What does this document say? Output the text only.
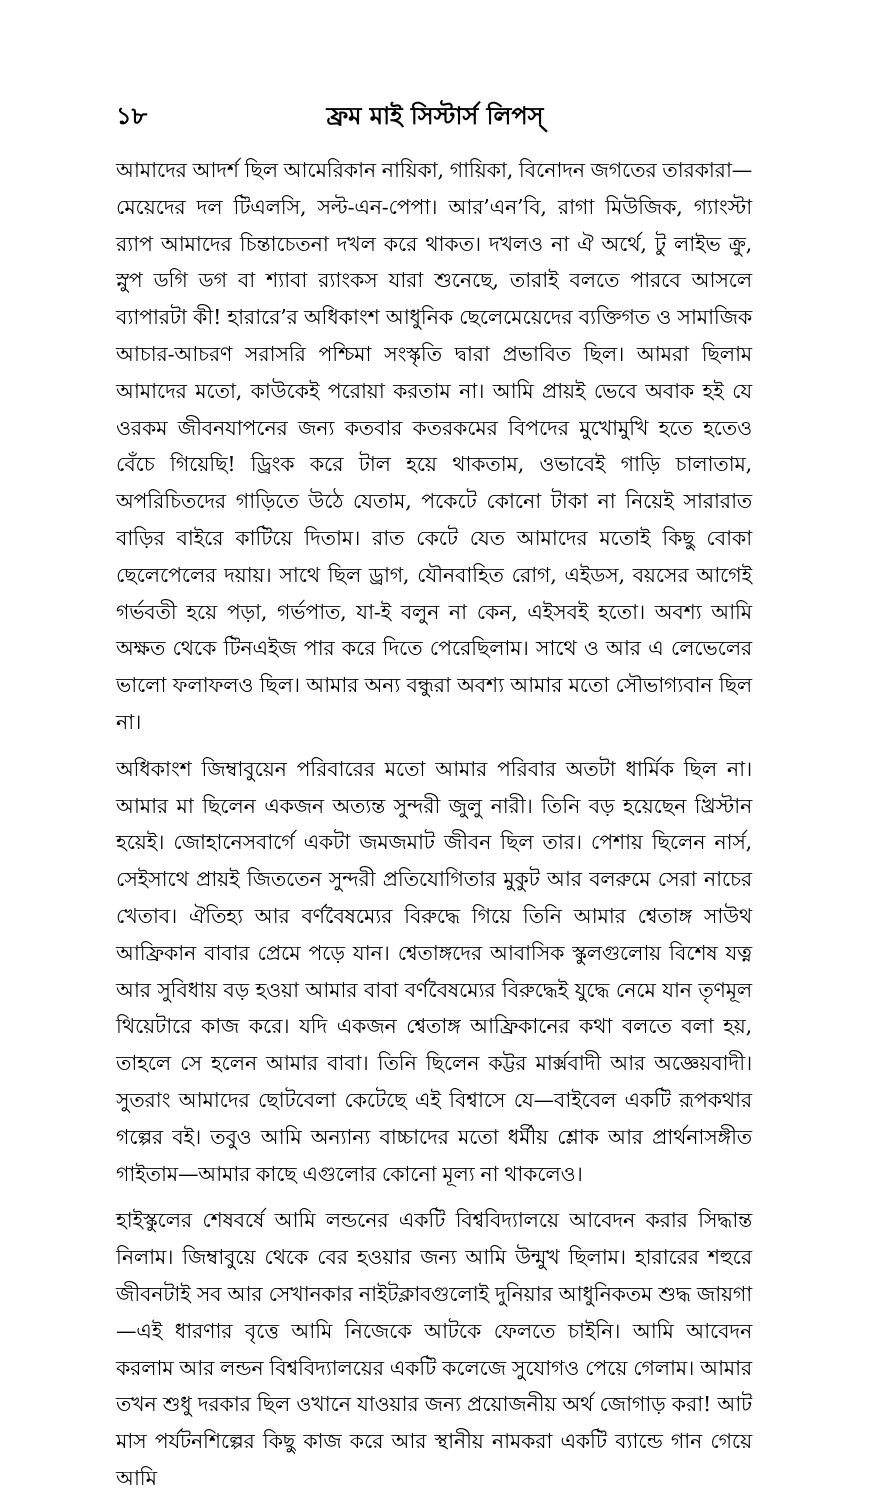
১৮	ফ্রম মাই সিস্টার্স লিপস্

আমাদের আদর্শ ছিল আমেরিকান নায়িকা, গায়িকা, বিনোদন জগতের তারকারা—মেয়েদের দল টিএলসি, সল্ট-এন-পেপা। আর’এন’বি, রাগা মিউজিক, গ্যাংস্টা র‍্যাপ আমাদের চিন্তাচেতনা দখল করে থাকত। দখলও না ঐ অর্থে, টু লাইভ ক্রু, স্নুপ ডগি ডগ বা শ্যাবা র‍্যাংকস যারা শুনেছে, তারাই বলতে পারবে আসলে ব্যাপারটা কী! হারারে’র অধিকাংশ আধুনিক ছেলেমেয়েদের ব্যক্তিগত ও সামাজিক আচার-আচরণ সরাসরি পশ্চিমা সংস্কৃতি দ্বারা প্রভাবিত ছিল। আমরা ছিলাম আমাদের মতো, কাউকেই পরোয়া করতাম না। আমি প্রায়ই ভেবে অবাক হই যে ওরকম জীবনযাপনের জন্য কতবার কতরকমের বিপদের মুখোমুখি হতে হতেও বেঁচে গিয়েছি! ড্রিংক করে টাল হয়ে থাকতাম, ওভাবেই গাড়ি চালাতাম, অপরিচিতদের গাড়িতে উঠে যেতাম, পকেটে কোনো টাকা না নিয়েই সারারাত বাড়ির বাইরে কাটিয়ে দিতাম। রাত কেটে যেত আমাদের মতোই কিছু বোকা ছেলেপেলের দয়ায়। সাথে ছিল ড্রাগ, যৌনবাহিত রোগ, এইডস, বয়সের আগেই গর্ভবতী হয়ে পড়া, গর্ভপাত, যা-ই বলুন না কেন, এইসবই হতো। অবশ্য আমি অক্ষত থেকে টিনএইজ পার করে দিতে পেরেছিলাম। সাথে ও আর এ লেভেলের ভালো ফলাফলও ছিল। আমার অন্য বন্ধুরা অবশ্য আমার মতো সৌভাগ্যবান ছিল না।

অধিকাংশ জিম্বাবুয়েন পরিবারের মতো আমার পরিবার অতটা ধার্মিক ছিল না। আমার মা ছিলেন একজন অত্যন্ত সুন্দরী জুলু নারী। তিনি বড় হয়েছেন খ্রিস্টান হয়েই। জোহানেসবার্গে একটা জমজমাট জীবন ছিল তার। পেশায় ছিলেন নার্স, সেইসাথে প্রায়ই জিততেন সুন্দরী প্রতিযোগিতার মুকুট আর বলরুমে সেরা নাচের খেতাব। ঐতিহ্য আর বর্ণবৈষম্যের বিরুদ্ধে গিয়ে তিনি আমার শ্বেতাঙ্গ সাউথ আফ্রিকান বাবার প্রেমে পড়ে যান। শ্বেতাঙ্গদের আবাসিক স্কুলগুলোয় বিশেষ যত্ন আর সুবিধায় বড় হওয়া আমার বাবা বর্ণবৈষম্যের বিরুদ্ধেই যুদ্ধে নেমে যান তৃণমূল থিয়েটারে কাজ করে। যদি একজন শ্বেতাঙ্গ আফ্রিকানের কথা বলতে বলা হয়, তাহলে সে হলেন আমার বাবা। তিনি ছিলেন কট্টর মার্ক্সবাদী আর অজ্ঞেয়বাদী। সুতরাং আমাদের ছোটবেলা কেটেছে এই বিশ্বাসে যে—বাইবেল একটি রূপকথার গল্পের বই। তবুও আমি অন্যান্য বাচ্চাদের মতো ধর্মীয় শ্লোক আর প্রার্থনাসঙ্গীত গাইতাম—আমার কাছে এগুলোর কোনো মূল্য না থাকলেও।

হাইস্কুলের শেষবর্ষে আমি লন্ডনের একটি বিশ্ববিদ্যালয়ে আবেদন করার সিদ্ধান্ত নিলাম। জিম্বাবুয়ে থেকে বের হওয়ার জন্য আমি উন্মুখ ছিলাম। হারারের শহুরে জীবনটাই সব আর সেখানকার নাইটক্লাবগুলোই দুনিয়ার আধুনিকতম শুদ্ধ জায়গা—এই ধারণার বৃত্তে আমি নিজেকে আটকে ফেলতে চাইনি। আমি আবেদন করলাম আর লন্ডন বিশ্ববিদ্যালয়ের একটি কলেজে সুযোগও পেয়ে গেলাম। আমার তখন শুধু দরকার ছিল ওখানে যাওয়ার জন্য প্রয়োজনীয় অর্থ জোগাড় করা! আট মাস পর্যটনশিল্পের কিছু কাজ করে আর স্থানীয় নামকরা একটি ব্যান্ডে গান গেয়ে আমি
